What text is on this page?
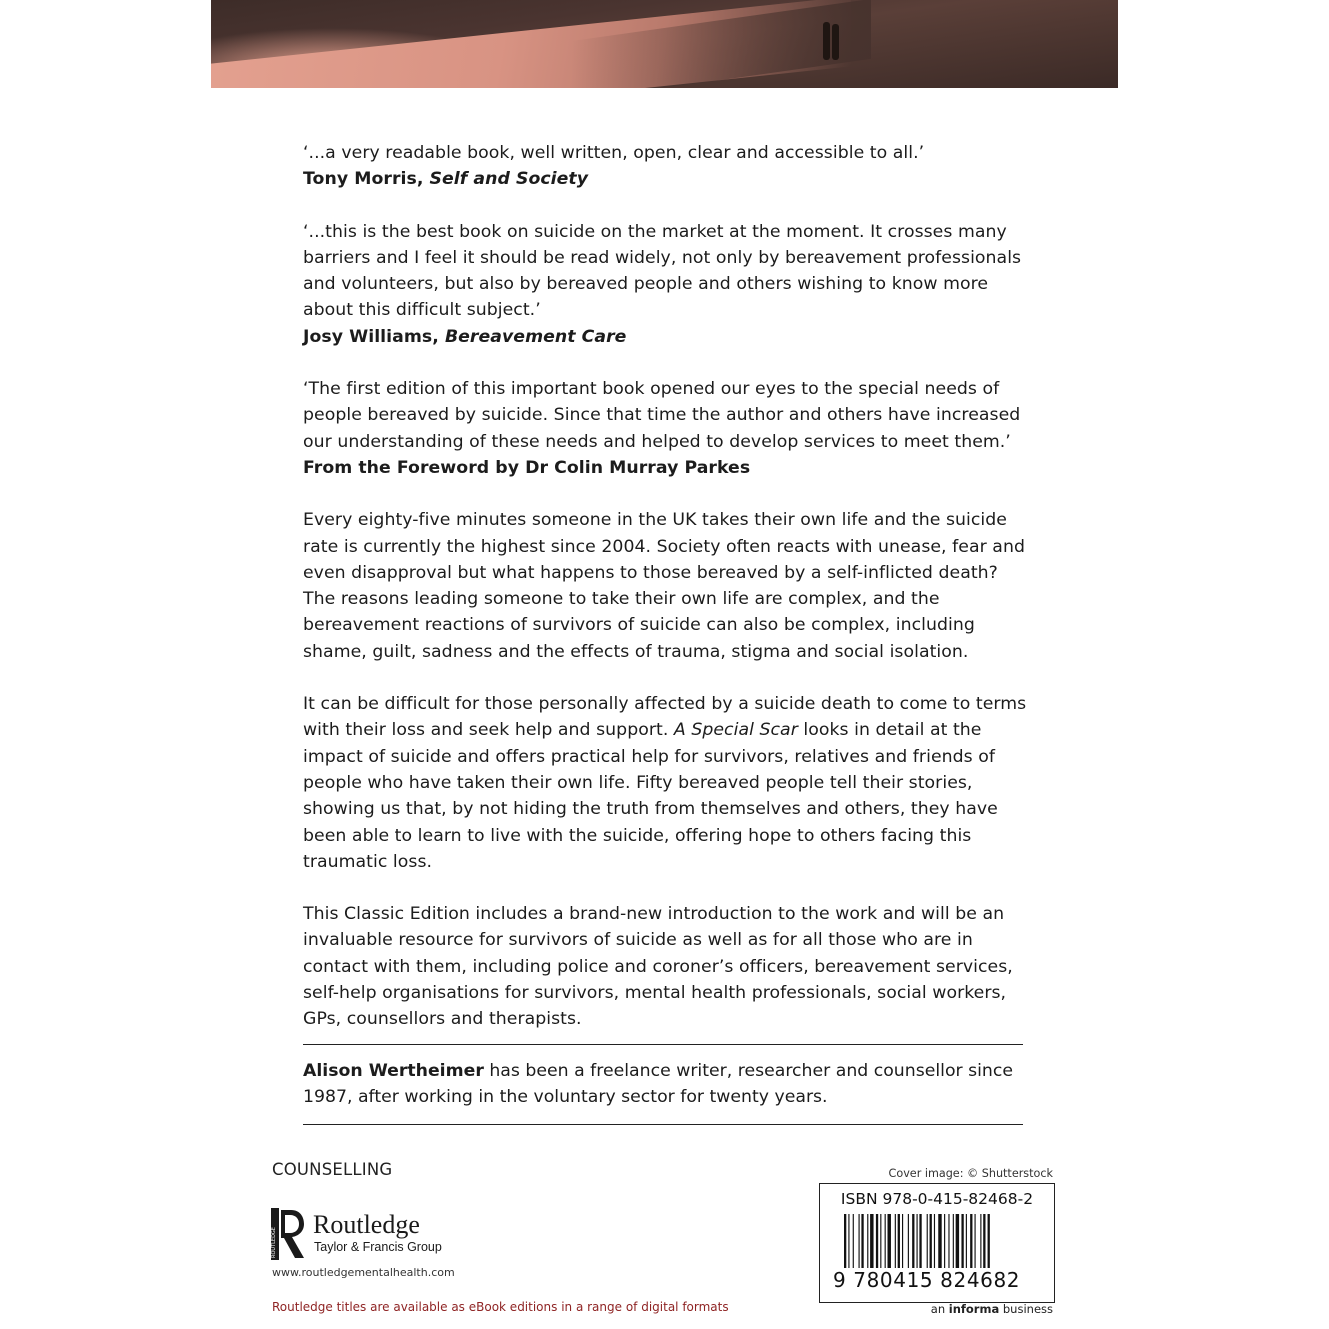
‘...a very readable book, well written, open, clear and accessible to all.’
Tony Morris, Self and Society

‘...this is the best book on suicide on the market at the moment. It crosses many barriers and I feel it should be read widely, not only by bereavement professionals and volunteers, but also by bereaved people and others wishing to know more about this difficult subject.’
Josy Williams, Bereavement Care

‘The first edition of this important book opened our eyes to the special needs of people bereaved by suicide. Since that time the author and others have increased our understanding of these needs and helped to develop services to meet them.’
From the Foreword by Dr Colin Murray Parkes

Every eighty-five minutes someone in the UK takes their own life and the suicide rate is currently the highest since 2004. Society often reacts with unease, fear and even disapproval but what happens to those bereaved by a self-inflicted death? The reasons leading someone to take their own life are complex, and the bereavement reactions of survivors of suicide can also be complex, including shame, guilt, sadness and the effects of trauma, stigma and social isolation.

It can be difficult for those personally affected by a suicide death to come to terms with their loss and seek help and support. A Special Scar looks in detail at the impact of suicide and offers practical help for survivors, relatives and friends of people who have taken their own life. Fifty bereaved people tell their stories, showing us that, by not hiding the truth from themselves and others, they have been able to learn to live with the suicide, offering hope to others facing this traumatic loss.

This Classic Edition includes a brand-new introduction to the work and will be an invaluable resource for survivors of suicide as well as for all those who are in contact with them, including police and coroner’s officers, bereavement services, self-help organisations for survivors, mental health professionals, social workers, GPs, counsellors and therapists.

Alison Wertheimer has been a freelance writer, researcher and counsellor since 1987, after working in the voluntary sector for twenty years.
COUNSELLING
ROUTLEDGE
Routledge
Taylor & Francis Group
www.routledgementalhealth.com
Routledge titles are available as eBook editions in a range of digital formats
Cover image: © Shutterstock
ISBN 978-0-415-82468-2
9 780415 824682
an informa business
